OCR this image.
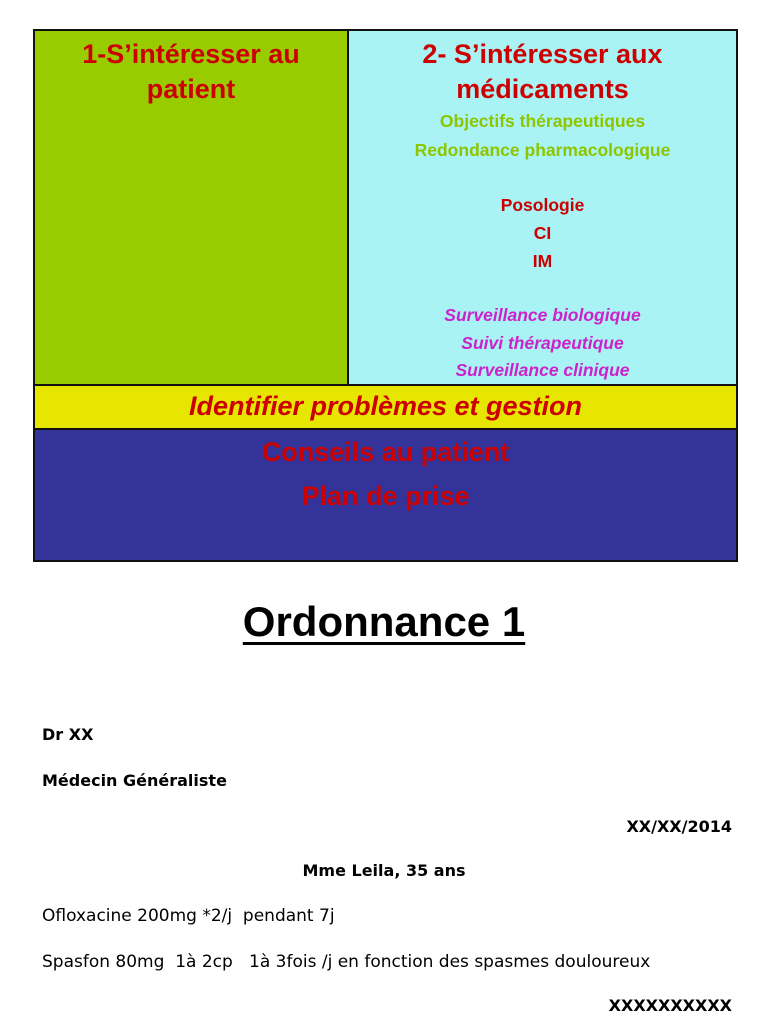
1-S’intéresser au
patient
2- S’intéresser aux
médicaments
Objectifs thérapeutiques
Redondance pharmacologique
Posologie
CI
IM
Surveillance biologique
Suivi thérapeutique
Surveillance clinique
Identifier problèmes et gestion
Conseils au patient
Plan de prise
Ordonnance 1
Dr XX
Médecin Généraliste
XX/XX/2014
Mme Leila, 35 ans
Ofloxacine 200mg *2/j  pendant 7j
Spasfon 80mg  1à 2cp   1à 3fois /j en fonction des spasmes douloureux
XXXXXXXXXX
